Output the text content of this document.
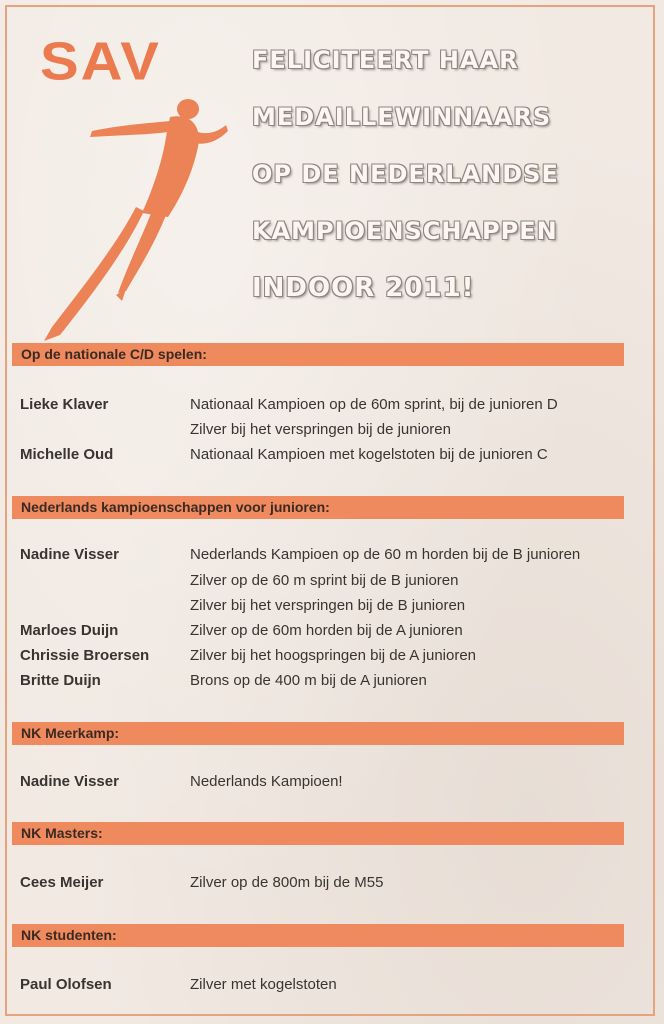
SAV	FELICITEERT HAAR
MEDAILLEWINNAARS
OP DE NEDERLANDSE
KAMPIOENSCHAPPEN
INDOOR 2011!
Op de nationale C/D spelen:
Lieke Klaver	Nationaal Kampioen op de 60m sprint, bij de junioren D
Zilver bij het verspringen bij de junioren
Michelle Oud	Nationaal Kampioen met kogelstoten bij de junioren C
Nederlands kampioenschappen voor junioren:
Nadine Visser	Nederlands Kampioen op de 60 m horden bij de B junioren
Zilver op de 60 m sprint bij de B junioren
Zilver bij het verspringen bij de B junioren
Marloes Duijn	Zilver op de 60m horden bij de A junioren
Chrissie Broersen	Zilver bij het hoogspringen bij de A junioren
Britte Duijn	Brons op de 400 m bij de A junioren
NK Meerkamp:
Nadine Visser	Nederlands Kampioen!
NK Masters:
Cees Meijer	Zilver op de 800m bij de M55
NK studenten:
Paul Olofsen	Zilver met kogelstoten
